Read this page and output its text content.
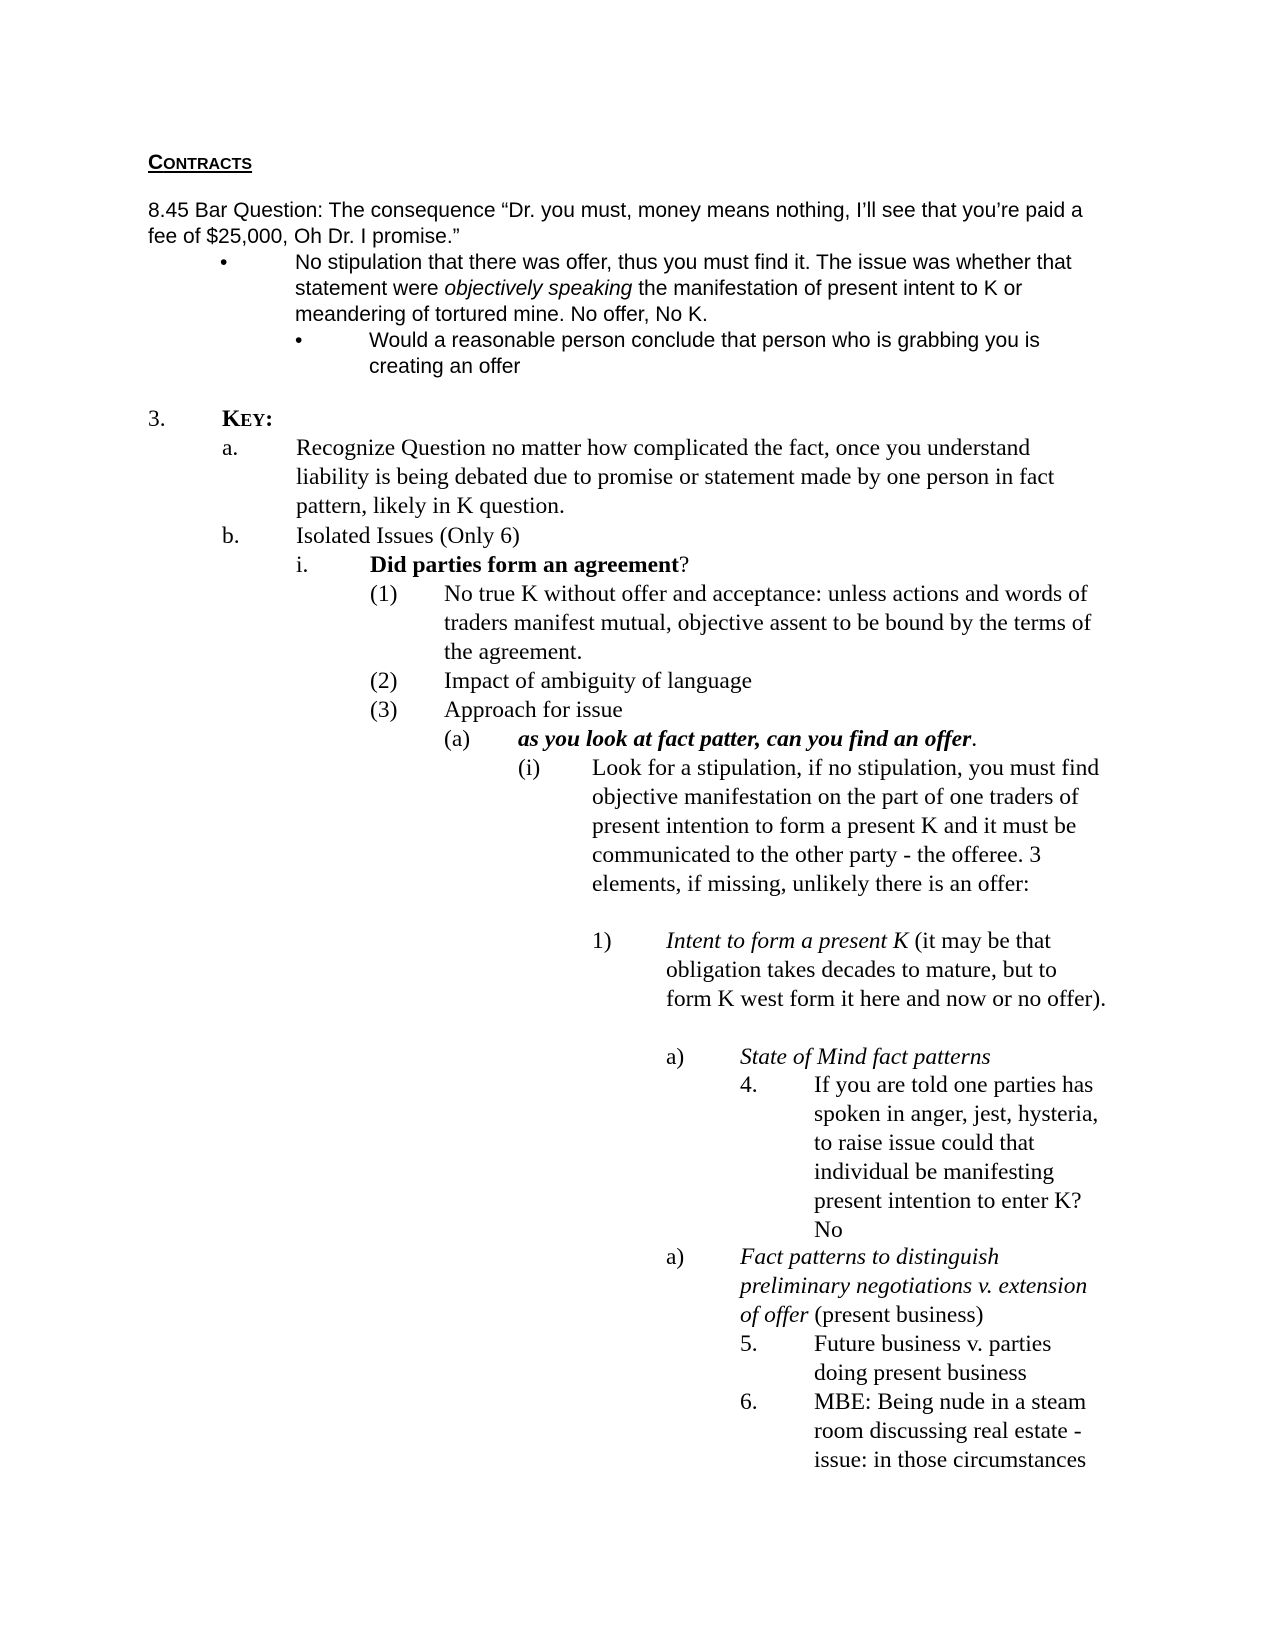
CONTRACTS
8.45 Bar Question: The consequence “Dr. you must, money means nothing, I’ll see that you’re paid a fee of $25,000, Oh Dr. I promise.”
•	No stipulation that there was offer, thus you must find it. The issue was whether that statement were objectively speaking the manifestation of present intent to K or meandering of tortured mine. No offer, No K.
•	Would a reasonable person conclude that person who is grabbing you is creating an offer
3. KEY:
a. Recognize Question no matter how complicated the fact, once you understand liability is being debated due to promise or statement made by one person in fact pattern, likely in K question.
b. Isolated Issues (Only 6)
i.	Did parties form an agreement?
(1) No true K without offer and acceptance: unless actions and words of traders manifest mutual, objective assent to be bound by the terms of the agreement.
(2) Impact of ambiguity of language
(3) Approach for issue
(a) as you look at fact patter, can you find an offer.
(i) Look for a stipulation, if no stipulation, you must find objective manifestation on the part of one traders of present intention to form a present K and it must be communicated to the other party - the offeree. 3 elements, if missing, unlikely there is an offer:
1) Intent to form a present K (it may be that obligation takes decades to mature, but to form K west form it here and now or no offer).
a) State of Mind fact patterns
4. If you are told one parties has spoken in anger, jest, hysteria, to raise issue could that individual be manifesting present intention to enter K? No
a) Fact patterns to distinguish preliminary negotiations v. extension of offer (present business)
5. Future business v. parties doing present business
6. MBE: Being nude in a steam room discussing real estate - issue: in those circumstances
